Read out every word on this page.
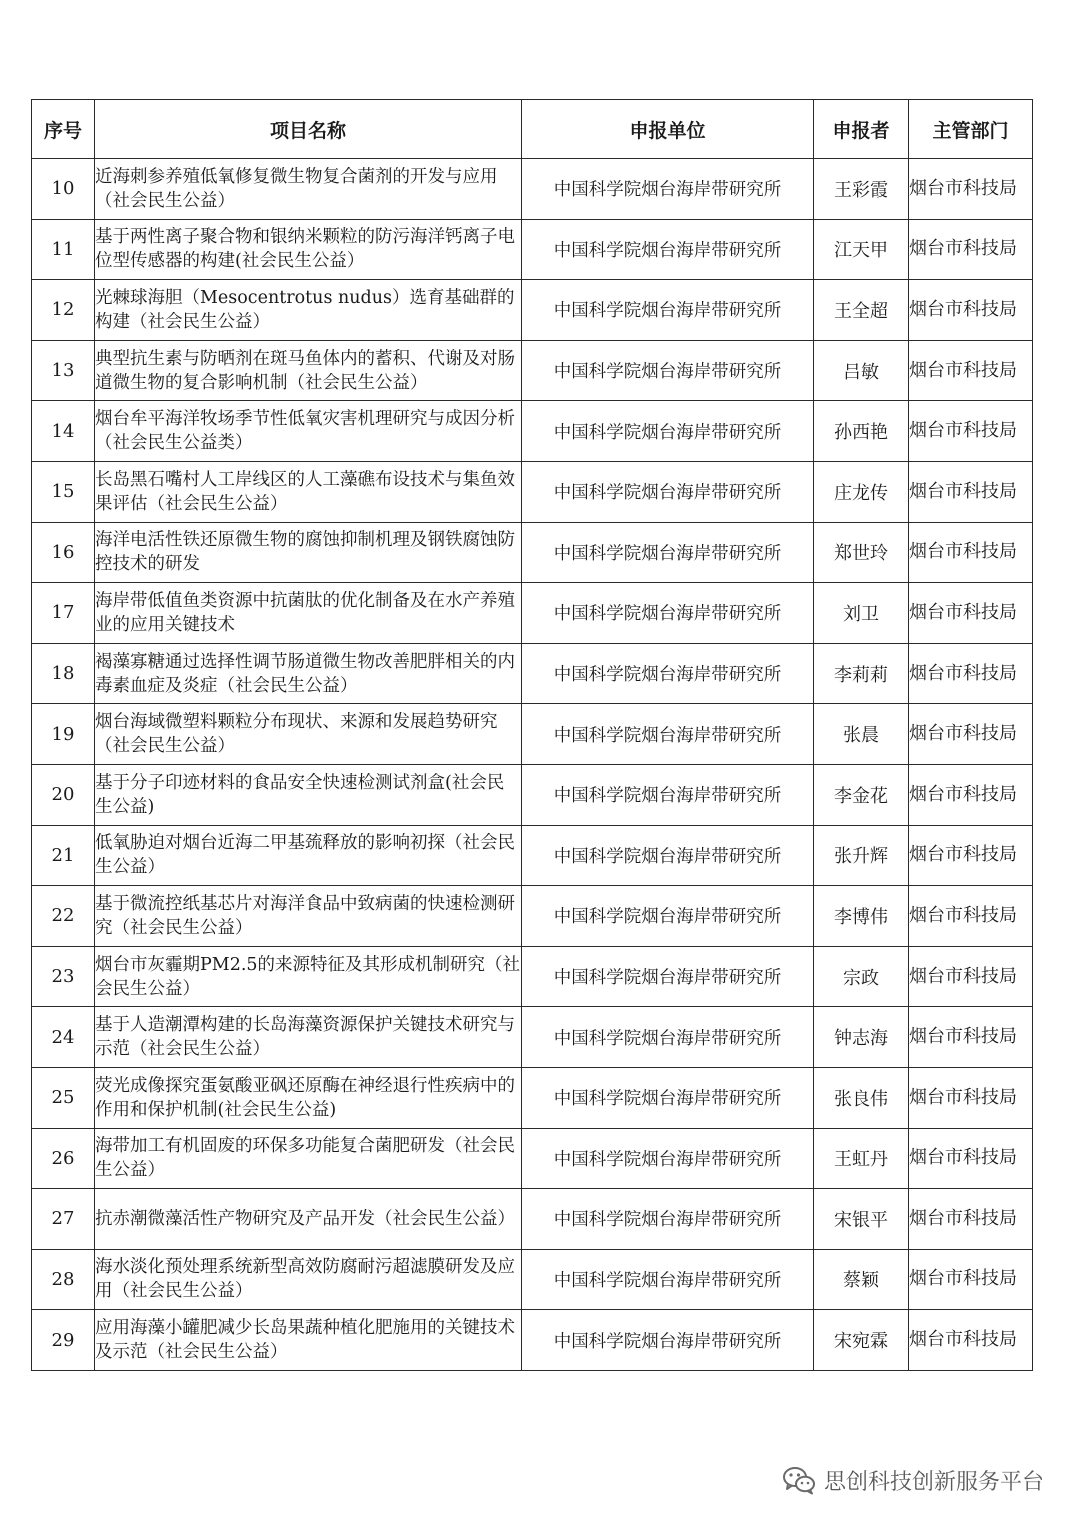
序号	项目名称	申报单位	申报者	主管部门
10	近海刺参养殖低氧修复微生物复合菌剂的开发与应用（社会民生公益）	中国科学院烟台海岸带研究所	王彩霞	烟台市科技局
11	基于两性离子聚合物和银纳米颗粒的防污海洋钙离子电位型传感器的构建(社会民生公益）	中国科学院烟台海岸带研究所	江天甲	烟台市科技局
12	光棘球海胆（Mesocentrotus nudus）选育基础群的构建（社会民生公益）	中国科学院烟台海岸带研究所	王全超	烟台市科技局
13	典型抗生素与防晒剂在斑马鱼体内的蓄积、代谢及对肠道微生物的复合影响机制（社会民生公益）	中国科学院烟台海岸带研究所	吕敏	烟台市科技局
14	烟台牟平海洋牧场季节性低氧灾害机理研究与成因分析（社会民生公益类）	中国科学院烟台海岸带研究所	孙西艳	烟台市科技局
15	长岛黑石嘴村人工岸线区的人工藻礁布设技术与集鱼效果评估（社会民生公益）	中国科学院烟台海岸带研究所	庄龙传	烟台市科技局
16	海洋电活性铁还原微生物的腐蚀抑制机理及钢铁腐蚀防控技术的研发	中国科学院烟台海岸带研究所	郑世玲	烟台市科技局
17	海岸带低值鱼类资源中抗菌肽的优化制备及在水产养殖业的应用关键技术	中国科学院烟台海岸带研究所	刘卫	烟台市科技局
18	褐藻寡糖通过选择性调节肠道微生物改善肥胖相关的内毒素血症及炎症（社会民生公益）	中国科学院烟台海岸带研究所	李莉莉	烟台市科技局
19	烟台海域微塑料颗粒分布现状、来源和发展趋势研究（社会民生公益）	中国科学院烟台海岸带研究所	张晨	烟台市科技局
20	基于分子印迹材料的食品安全快速检测试剂盒(社会民生公益)	中国科学院烟台海岸带研究所	李金花	烟台市科技局
21	低氧胁迫对烟台近海二甲基巯释放的影响初探（社会民生公益）	中国科学院烟台海岸带研究所	张升辉	烟台市科技局
22	基于微流控纸基芯片对海洋食品中致病菌的快速检测研究（社会民生公益）	中国科学院烟台海岸带研究所	李博伟	烟台市科技局
23	烟台市灰霾期PM2.5的来源特征及其形成机制研究（社会民生公益）	中国科学院烟台海岸带研究所	宗政	烟台市科技局
24	基于人造潮潭构建的长岛海藻资源保护关键技术研究与示范（社会民生公益）	中国科学院烟台海岸带研究所	钟志海	烟台市科技局
25	荧光成像探究蛋氨酸亚砜还原酶在神经退行性疾病中的作用和保护机制(社会民生公益)	中国科学院烟台海岸带研究所	张良伟	烟台市科技局
26	海带加工有机固废的环保多功能复合菌肥研发（社会民生公益）	中国科学院烟台海岸带研究所	王虹丹	烟台市科技局
27	抗赤潮微藻活性产物研究及产品开发（社会民生公益）	中国科学院烟台海岸带研究所	宋银平	烟台市科技局
28	海水淡化预处理系统新型高效防腐耐污超滤膜研发及应用（社会民生公益）	中国科学院烟台海岸带研究所	蔡颖	烟台市科技局
29	应用海藻小罐肥减少长岛果蔬种植化肥施用的关键技术及示范（社会民生公益）	中国科学院烟台海岸带研究所	宋宛霖	烟台市科技局
思创科技创新服务平台
